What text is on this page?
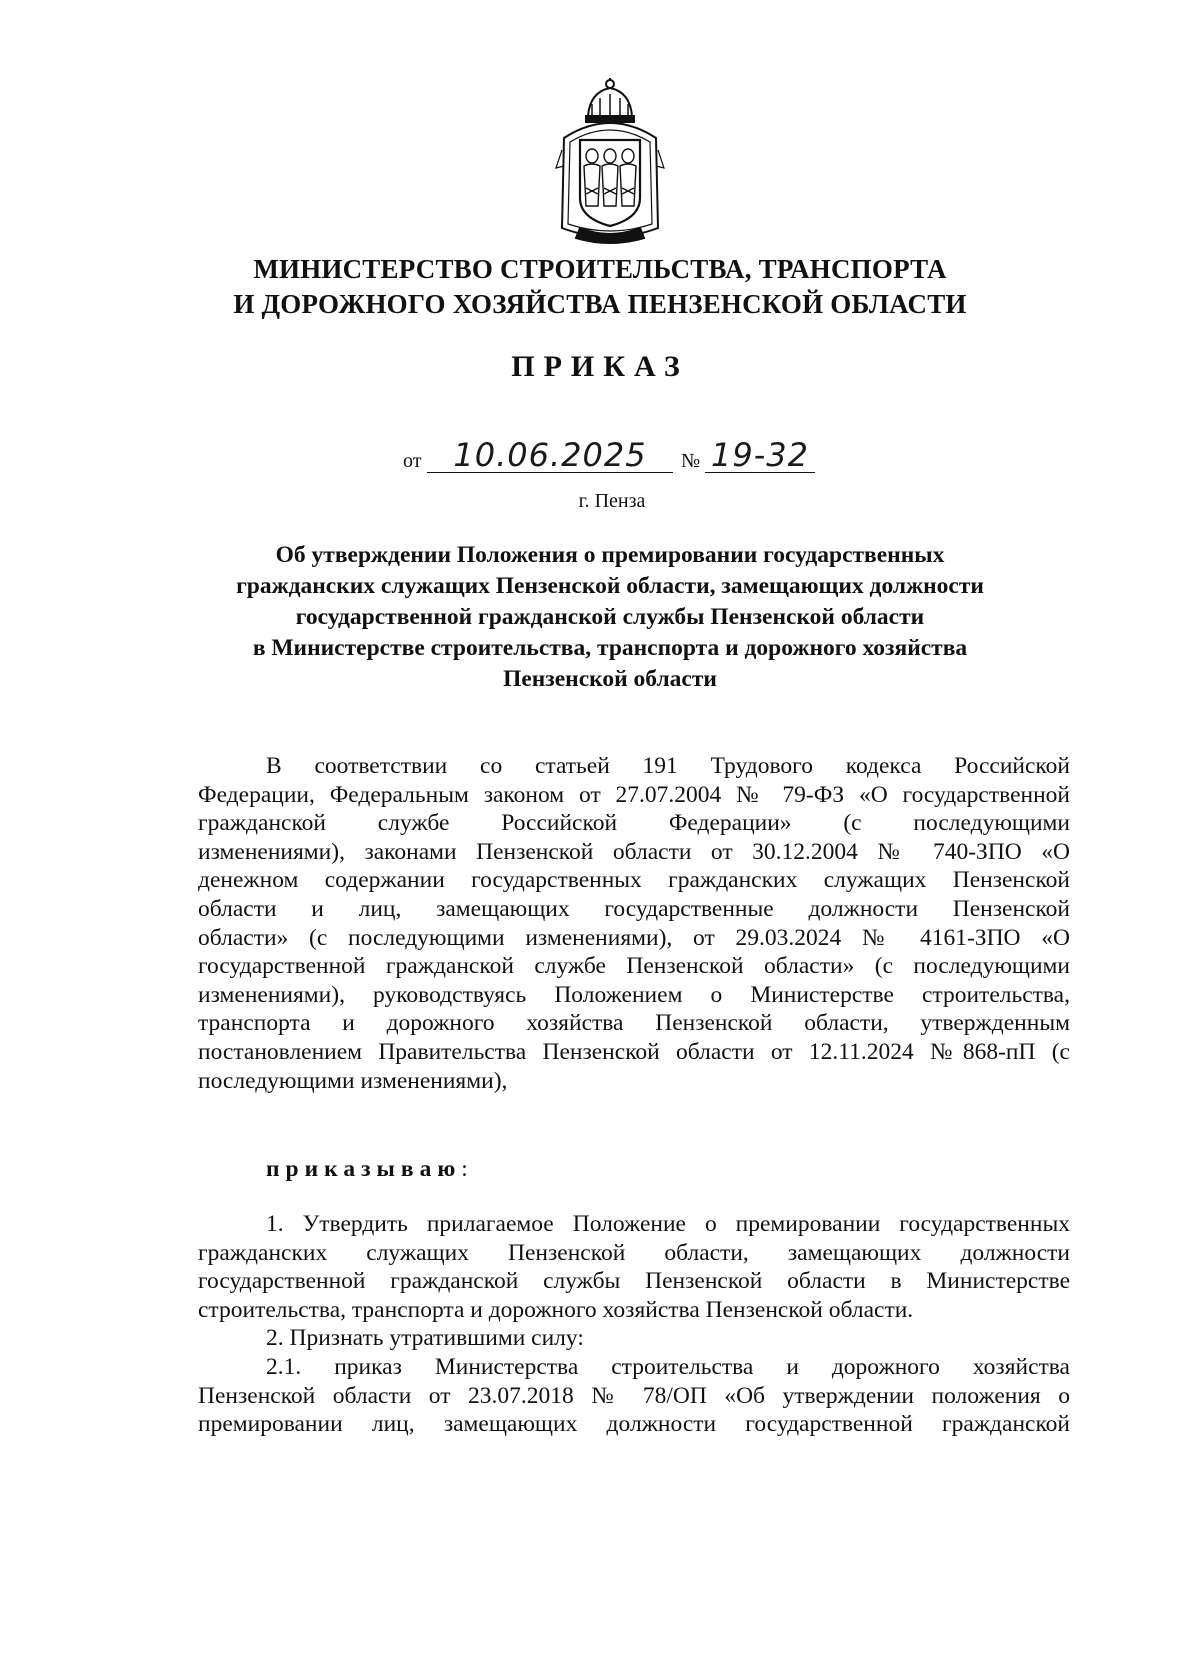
МИНИСТЕРСТВО СТРОИТЕЛЬСТВА, ТРАНСПОРТА
И ДОРОЖНОГО ХОЗЯЙСТВА ПЕНЗЕНСКОЙ ОБЛАСТИ
ПРИКАЗ
от 10.06.2025	№ 19-32
г. Пенза
Об утверждении Положения о премировании государственных
гражданских служащих Пензенской области, замещающих должности
государственной гражданской службы Пензенской области
в Министерстве строительства, транспорта и дорожного хозяйства
Пензенской области
В соответствии со статьей 191 Трудового кодекса Российской
Федерации, Федеральным законом от 27.07.2004 № 79-ФЗ «О государственной
гражданской службе Российской Федерации» (с последующими
изменениями), законами Пензенской области от 30.12.2004 № 740-ЗПО «О
денежном содержании государственных гражданских служащих Пензенской
области и лиц, замещающих государственные должности Пензенской
области» (с последующими изменениями), от 29.03.2024 № 4161-ЗПО «О
государственной гражданской службе Пензенской области» (с последующими
изменениями), руководствуясь Положением о Министерстве строительства,
транспорта и дорожного хозяйства Пензенской области, утвержденным
постановлением Правительства Пензенской области от 12.11.2024 №868-пП (с
последующими изменениями),
приказываю:
1. Утвердить прилагаемое Положение о премировании государственных
гражданских служащих Пензенской области, замещающих должности
государственной гражданской службы Пензенской области в Министерстве
строительства, транспорта и дорожного хозяйства Пензенской области.
2. Признать утратившими силу:
2.1. приказ Министерства строительства и дорожного хозяйства
Пензенской области от 23.07.2018 № 78/ОП «Об утверждении положения о
премировании лиц, замещающих должности государственной гражданской
